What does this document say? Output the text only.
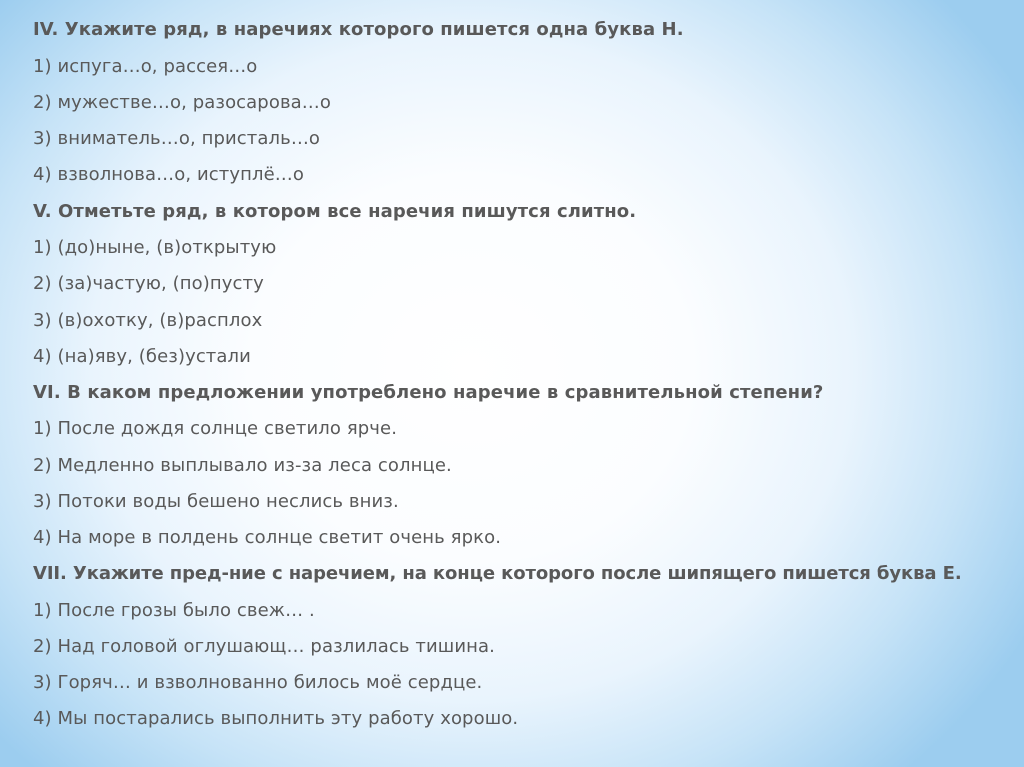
IV. Укажите ряд, в наречиях которого пишется одна буква Н.
1) испуга…о, рассея…о
2) мужестве…о, разосарова…о
3) вниматель…о, присталь…о
4) взволнова…о, иступлё…о
V. Отметьте ряд, в котором все наречия пишутся слитно.
1) (до)ныне, (в)открытую
2) (за)частую, (по)пусту
3) (в)охотку, (в)расплох
4) (на)яву, (без)устали
VI. В каком предложении употреблено наречие в сравнительной степени?
1) После дождя солнце светило ярче.
2) Медленно выплывало из-за леса солнце.
3) Потоки воды бешено неслись вниз.
4) На море в полдень солнце светит очень ярко.
VII. Укажите пред-ние с наречием, на конце которого после шипящего пишется буква Е.
1) После грозы было свеж… .
2) Над головой оглушающ… разлилась тишина.
3) Горяч… и взволнованно билось моё сердце.
4) Мы постарались выполнить эту работу хорошо.
